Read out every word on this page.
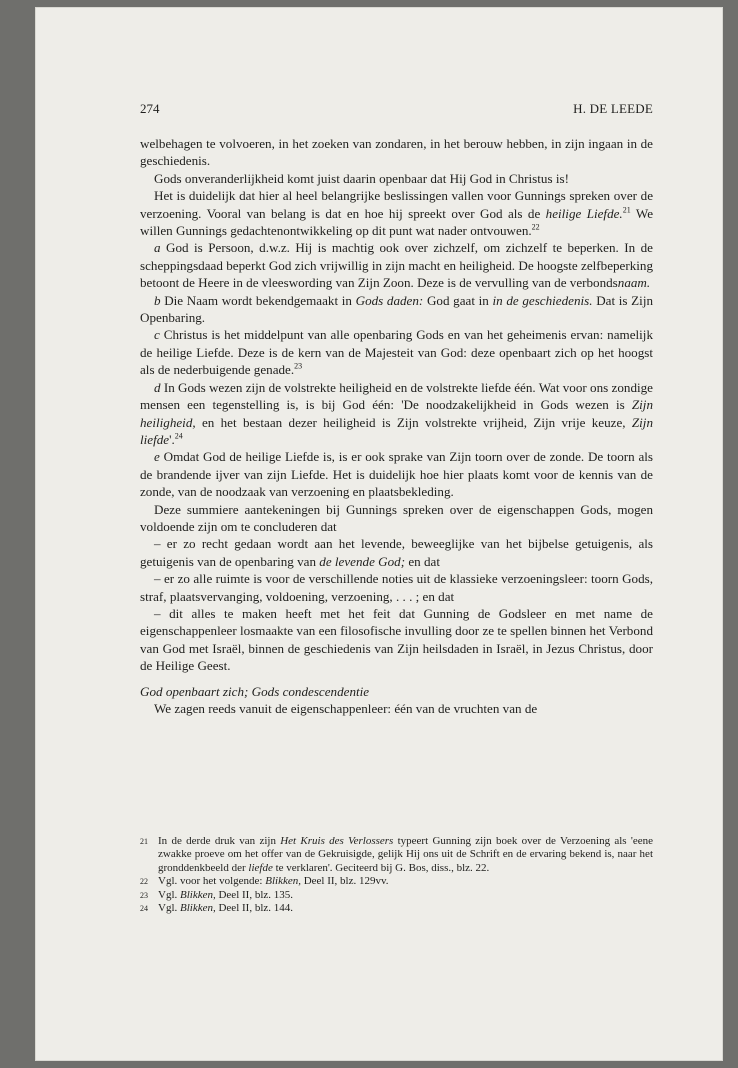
274	H. DE LEEDE

welbehagen te volvoeren, in het zoeken van zondaren, in het berouw hebben, in zijn ingaan in de geschiedenis.

Gods onveranderlijkheid komt juist daarin openbaar dat Hij God in Christus is!

Het is duidelijk dat hier al heel belangrijke beslissingen vallen voor Gunnings spreken over de verzoening. Vooral van belang is dat en hoe hij spreekt over God als de heilige Liefde.$^{21}$ We willen Gunnings gedachtenontwikkeling op dit punt wat nader ontvouwen.$^{22}$

a God is Persoon, d.w.z. Hij is machtig ook over zichzelf, om zichzelf te beperken. In de scheppingsdaad beperkt God zich vrijwillig in zijn macht en heiligheid. De hoogste zelfbeperking betoont de Heere in de vleeswording van Zijn Zoon. Deze is de vervulling van de verbondsnaam.

b Die Naam wordt bekendgemaakt in Gods daden: God gaat in in de geschiedenis. Dat is Zijn Openbaring.

c Christus is het middelpunt van alle openbaring Gods en van het geheimenis ervan: namelijk de heilige Liefde. Deze is de kern van de Majesteit van God: deze openbaart zich op het hoogst als de nederbuigende genade.$^{23}$

d In Gods wezen zijn de volstrekte heiligheid en de volstrekte liefde één. Wat voor ons zondige mensen een tegenstelling is, is bij God één: 'De noodzakelijkheid in Gods wezen is Zijn heiligheid, en het bestaan dezer heiligheid is Zijn volstrekte vrijheid, Zijn vrije keuze, Zijn liefde'.$^{24}$

e Omdat God de heilige Liefde is, is er ook sprake van Zijn toorn over de zonde. De toorn als de brandende ijver van zijn Liefde. Het is duidelijk hoe hier plaats komt voor de kennis van de zonde, van de noodzaak van verzoening en plaatsbekleding.

Deze summiere aantekeningen bij Gunnings spreken over de eigenschappen Gods, mogen voldoende zijn om te concluderen dat

– er zo recht gedaan wordt aan het levende, beweeglijke van het bijbelse getuigenis, als getuigenis van de openbaring van de levende God; en dat

– er zo alle ruimte is voor de verschillende noties uit de klassieke verzoeningsleer: toorn Gods, straf, plaatsvervanging, voldoening, verzoening, . . . ; en dat

– dit alles te maken heeft met het feit dat Gunning de Godsleer en met name de eigenschappenleer losmaakte van een filosofische invulling door ze te spellen binnen het Verbond van God met Israël, binnen de geschiedenis van Zijn heilsdaden in Israël, in Jezus Christus, door de Heilige Geest.

God openbaart zich; Gods condescendentie

We zagen reeds vanuit de eigenschappenleer: één van de vruchten van de

21 In de derde druk van zijn Het Kruis des Verlossers typeert Gunning zijn boek over de Verzoening als 'eene zwakke proeve om het offer van de Gekruisigde, gelijk Hij ons uit de Schrift en de ervaring bekend is, naar het gronddenkbeeld der liefde te verklaren'. Geciteerd bij G. Bos, diss., blz. 22.
22 Vgl. voor het volgende: Blikken, Deel II, blz. 129vv.
23 Vgl. Blikken, Deel II, blz. 135.
24 Vgl. Blikken, Deel II, blz. 144.
